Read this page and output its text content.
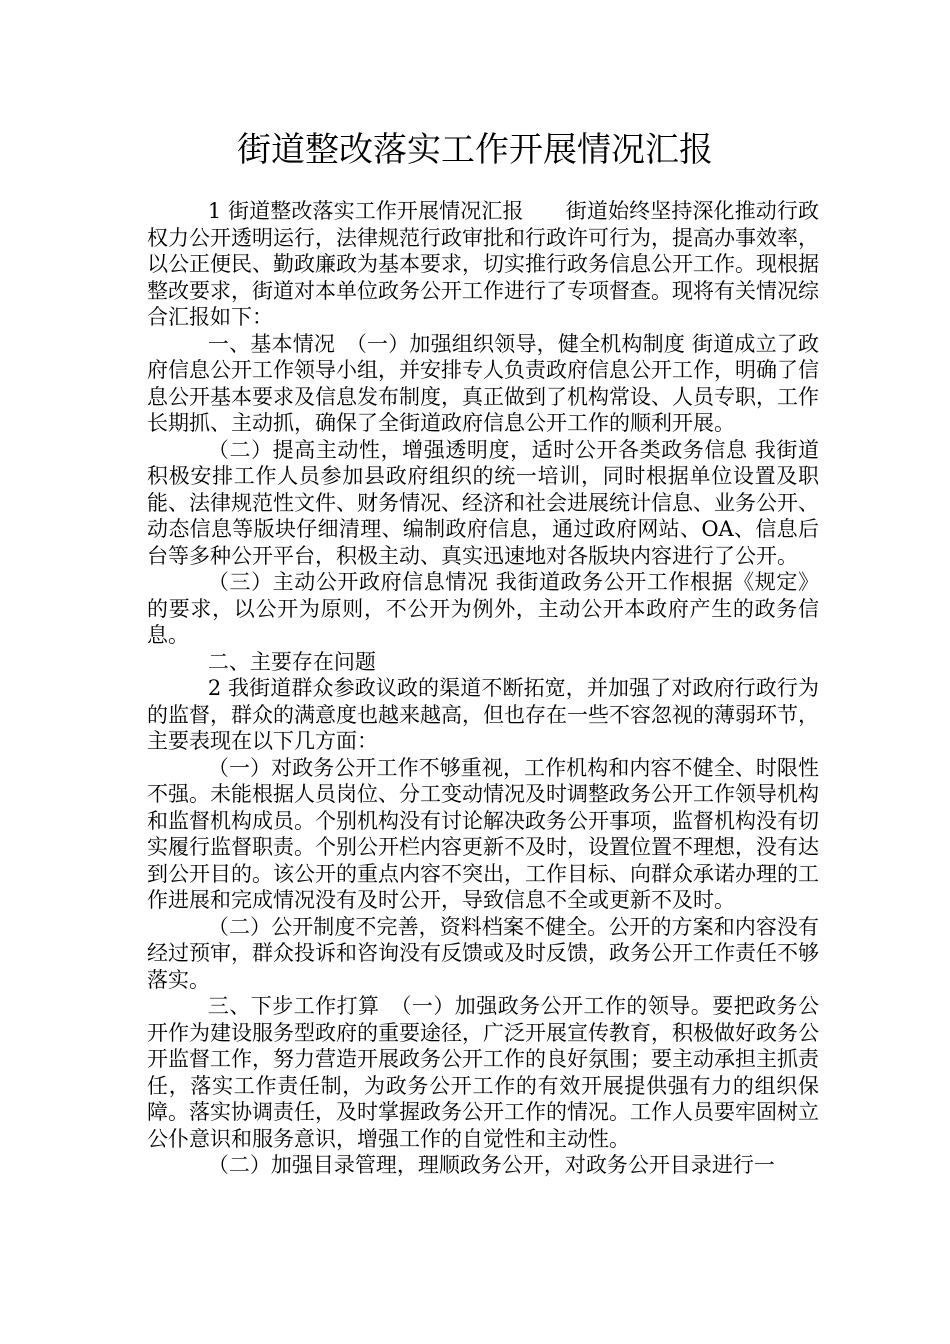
街道整改落实工作开展情况汇报

1 街道整改落实工作开展情况汇报　　街道始终坚持深化推动行政权力公开透明运行，法律规范行政审批和行政许可行为，提高办事效率，以公正便民、勤政廉政为基本要求，切实推行政务信息公开工作。现根据整改要求，街道对本单位政务公开工作进行了专项督查。现将有关情况综合汇报如下：

一、基本情况　（一）加强组织领导，健全机构制度 街道成立了政府信息公开工作领导小组，并安排专人负责政府信息公开工作，明确了信息公开基本要求及信息发布制度，真正做到了机构常设、人员专职，工作长期抓、主动抓，确保了全街道政府信息公开工作的顺利开展。

（二）提高主动性，增强透明度，适时公开各类政务信息 我街道积极安排工作人员参加县政府组织的统一培训，同时根据单位设置及职能、法律规范性文件、财务情况、经济和社会进展统计信息、业务公开、动态信息等版块仔细清理、编制政府信息，通过政府网站、OA、信息后台等多种公开平台，积极主动、真实迅速地对各版块内容进行了公开。

（三）主动公开政府信息情况 我街道政务公开工作根据《规定》的要求，以公开为原则，不公开为例外，主动公开本政府产生的政务信息。

二、主要存在问题

2 我街道群众参政议政的渠道不断拓宽，并加强了对政府行政行为的监督，群众的满意度也越来越高，但也存在一些不容忽视的薄弱环节，主要表现在以下几方面：

（一）对政务公开工作不够重视，工作机构和内容不健全、时限性不强。未能根据人员岗位、分工变动情况及时调整政务公开工作领导机构和监督机构成员。个别机构没有讨论解决政务公开事项，监督机构没有切实履行监督职责。个别公开栏内容更新不及时，设置位置不理想，没有达到公开目的。该公开的重点内容不突出，工作目标、向群众承诺办理的工作进展和完成情况没有及时公开，导致信息不全或更新不及时。

（二）公开制度不完善，资料档案不健全。公开的方案和内容没有经过预审，群众投诉和咨询没有反馈或及时反馈，政务公开工作责任不够落实。

三、下步工作打算　（一）加强政务公开工作的领导。要把政务公开作为建设服务型政府的重要途径，广泛开展宣传教育，积极做好政务公开监督工作，努力营造开展政务公开工作的良好氛围；要主动承担主抓责任，落实工作责任制，为政务公开工作的有效开展提供强有力的组织保障。落实协调责任，及时掌握政务公开工作的情况。工作人员要牢固树立公仆意识和服务意识，增强工作的自觉性和主动性。

（二）加强目录管理，理顺政务公开，对政务公开目录进行一
